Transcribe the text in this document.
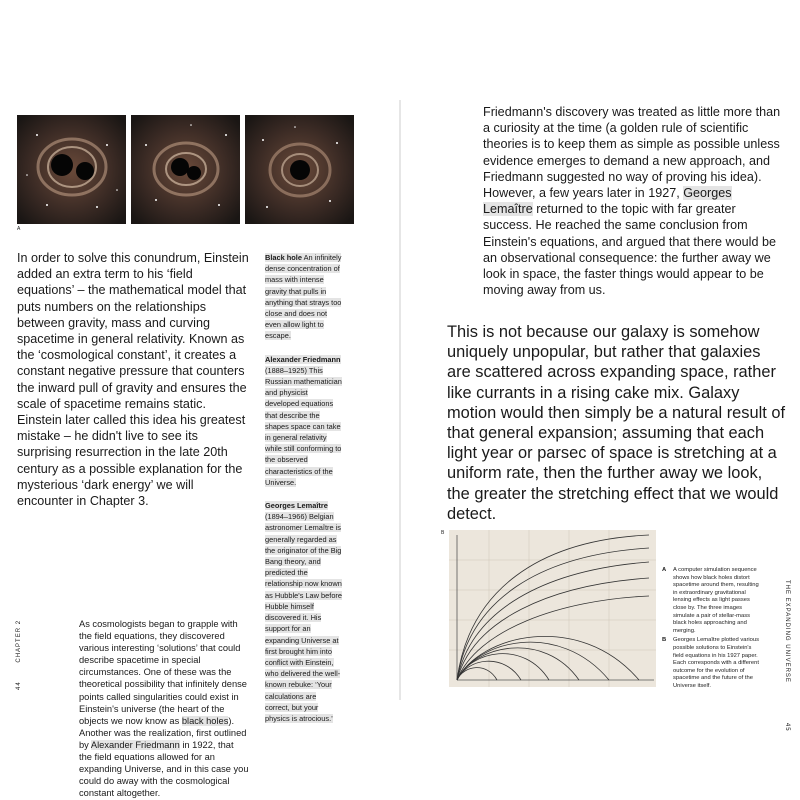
A

In order to solve this conundrum, Einstein added an extra term to his ‘field equations’ – the mathematical model that puts numbers on the relationships between gravity, mass and curving spacetime in general relativity. Known as the ‘cosmological constant’, it creates a constant negative pressure that counters the inward pull of gravity and ensures the scale of spacetime remains static. Einstein later called this idea his greatest mistake – he didn't live to see its surprising resurrection in the late 20th century as a possible explanation for the mysterious ‘dark energy’ we will encounter in Chapter 3.

As cosmologists began to grapple with the field equations, they discovered various interesting ‘solutions’ that could describe spacetime in special circumstances. One of these was the theoretical possibility that infinitely dense points called singularities could exist in Einstein's universe (the heart of the objects we now know as black holes). Another was the realization, first outlined by Alexander Friedmann in 1922, that the field equations allowed for an expanding Universe, and in this case you could do away with the cosmological constant altogether.

Black hole An infinitely dense concentration of mass with intense gravity that pulls in anything that strays too close and does not even allow light to escape.

Alexander Friedmann
(1888–1925) This Russian mathematician and physicist developed equations that describe the shapes space can take in general relativity while still conforming to the observed characteristics of the Universe.

Georges Lemaître
(1894–1966) Belgian astronomer Lemaître is generally regarded as the originator of the Big Bang theory, and predicted the relationship now known as Hubble's Law before Hubble himself discovered it. His support for an expanding Universe at first brought him into conflict with Einstein, who delivered the well-known rebuke: ‘Your calculations are correct, but your physics is atrocious.’

44       CHAPTER 2

Friedmann's discovery was treated as little more than a curiosity at the time (a golden rule of scientific theories is to keep them as simple as possible unless evidence emerges to demand a new approach, and Friedmann suggested no way of proving his idea). However, a few years later in 1927, Georges Lemaître returned to the topic with far greater success. He reached the same conclusion from Einstein's equations, and argued that there would be an observational consequence: the further away we look in space, the faster things would appear to be moving away from us.

This is not because our galaxy is somehow uniquely unpopular, but rather that galaxies are scattered across expanding space, rather like currants in a rising cake mix. Galaxy motion would then simply be a natural result of that general expansion; assuming that each light year or parsec of space is stretching at a uniform rate, then the further away we look, the greater the stretching effect that we would detect.

B
A	A computer simulation sequence shows how black holes distort spacetime around them, resulting in extraordinary gravitational lensing effects as light passes close by. The three images simulate a pair of stellar-mass black holes approaching and merging.
B	Georges Lemaître plotted various possible solutions to Einstein's field equations in his 1927 paper. Each corresponds with a different outcome for the evolution of spacetime and the future of the Universe itself.
THE EXPANDING UNIVERSE               45
